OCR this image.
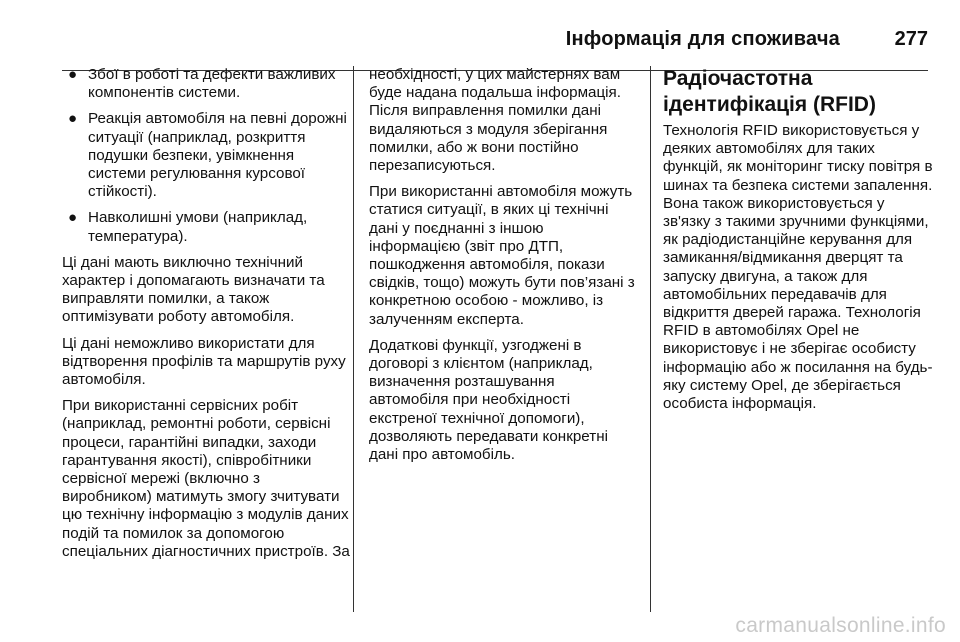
Інформація для споживача	277
● Збої в роботі та дефекти важливих компонентів системи.
● Реакція автомобіля на певні дорожні ситуації (наприклад, розкриття подушки безпеки, увімкнення системи регулювання курсової стійкості).
● Навколишні умови (наприклад, температура).

Ці дані мають виключно технічний характер і допомагають визначати та виправляти помилки, а також оптимізувати роботу автомобіля.

Ці дані неможливо використати для відтворення профілів та маршрутів руху автомобіля.

При використанні сервісних робіт (наприклад, ремонтні роботи, сервісні процеси, гарантійні випадки, заходи гарантування якості), співробітники сервісної мережі (включно з виробником) матимуть змогу зчитувати цю технічну інформацію з модулів даних подій та помилок за допомогою спеціальних діагностичних пристроїв. За

необхідності, у цих майстернях вам буде надана подальша інформація. Після виправлення помилки дані видаляються з модуля зберігання помилки, або ж вони постійно перезаписуються.

При використанні автомобіля можуть статися ситуації, в яких ці технічні дані у поєднанні з іншою інформацією (звіт про ДТП, пошкодження автомобіля, покази свідків, тощо) можуть бути пов’язані з конкретною особою - можливо, із залученням експерта.

Додаткові функції, узгоджені в договорі з клієнтом (наприклад, визначення розташування автомобіля при необхідності екстреної технічної допомоги), дозволяють передавати конкретні дані про автомобіль.

Радіочастотна ідентифікація (RFID)

Технологія RFID використовується у деяких автомобілях для таких функцій, як моніторинг тиску повітря в шинах та безпека системи запалення. Вона також використовується у зв'язку з такими зручними функціями, як радіодистанційне керування для замикання/відмикання дверцят та запуску двигуна, а також для автомобільних передавачів для відкриття дверей гаража. Технологія RFID в автомобілях Opel не використовує і не зберігає особисту інформацію або ж посилання на будь-яку систему Opel, де зберігається особиста інформація.

carmanualsonline.info
